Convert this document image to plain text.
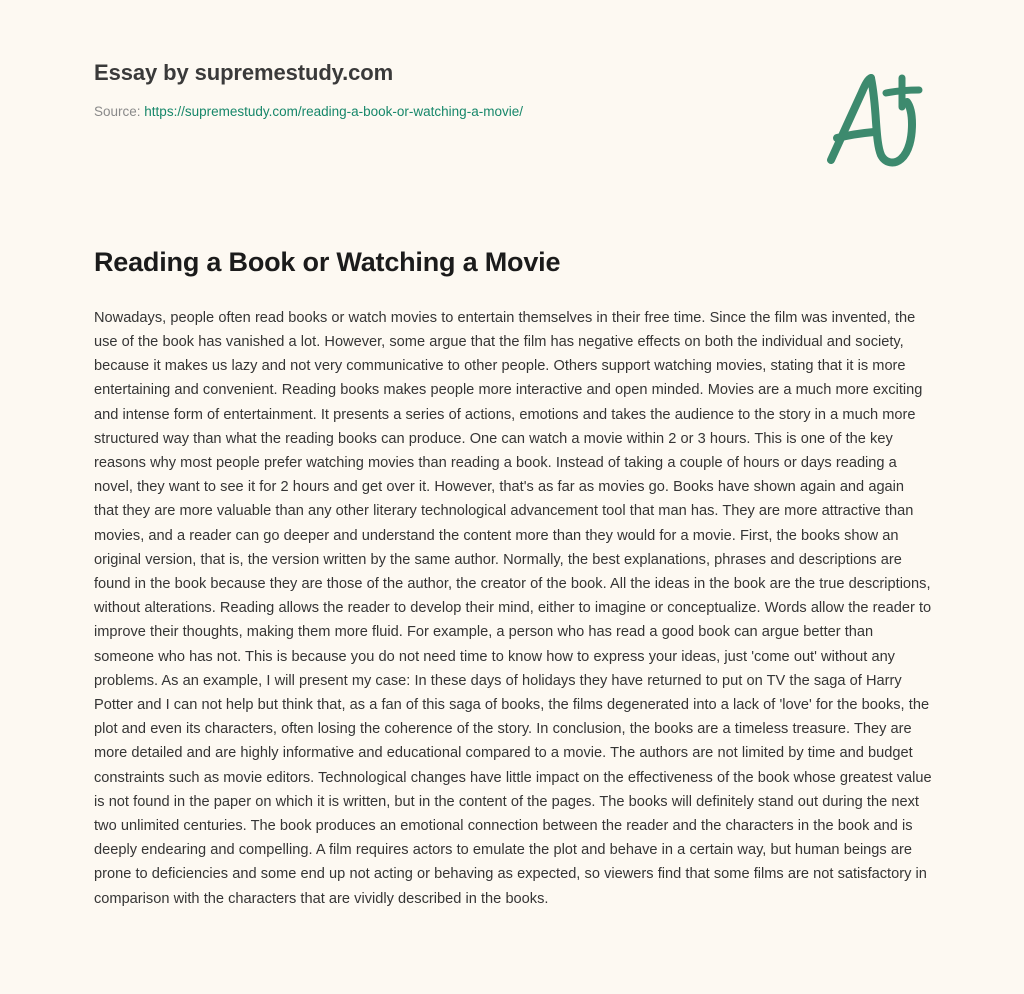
Essay by supremestudy.com
Source: https://supremestudy.com/reading-a-book-or-watching-a-movie/
Reading a Book or Watching a Movie

Nowadays, people often read books or watch movies to entertain themselves in their free time. Since the film was invented, the use of the book has vanished a lot. However, some argue that the film has negative effects on both the individual and society, because it makes us lazy and not very communicative to other people. Others support watching movies, stating that it is more entertaining and convenient. Reading books makes people more interactive and open minded. Movies are a much more exciting and intense form of entertainment. It presents a series of actions, emotions and takes the audience to the story in a much more structured way than what the reading books can produce. One can watch a movie within 2 or 3 hours. This is one of the key reasons why most people prefer watching movies than reading a book. Instead of taking a couple of hours or days reading a novel, they want to see it for 2 hours and get over it. However, that's as far as movies go. Books have shown again and again that they are more valuable than any other literary technological advancement tool that man has. They are more attractive than movies, and a reader can go deeper and understand the content more than they would for a movie. First, the books show an original version, that is, the version written by the same author. Normally, the best explanations, phrases and descriptions are found in the book because they are those of the author, the creator of the book. All the ideas in the book are the true descriptions, without alterations. Reading allows the reader to develop their mind, either to imagine or conceptualize. Words allow the reader to improve their thoughts, making them more fluid. For example, a person who has read a good book can argue better than someone who has not. This is because you do not need time to know how to express your ideas, just 'come out' without any problems. As an example, I will present my case: In these days of holidays they have returned to put on TV the saga of Harry Potter and I can not help but think that, as a fan of this saga of books, the films degenerated into a lack of 'love' for the books, the plot and even its characters, often losing the coherence of the story. In conclusion, the books are a timeless treasure. They are more detailed and are highly informative and educational compared to a movie. The authors are not limited by time and budget constraints such as movie editors. Technological changes have little impact on the effectiveness of the book whose greatest value is not found in the paper on which it is written, but in the content of the pages. The books will definitely stand out during the next two unlimited centuries. The book produces an emotional connection between the reader and the characters in the book and is deeply endearing and compelling. A film requires actors to emulate the plot and behave in a certain way, but human beings are prone to deficiencies and some end up not acting or behaving as expected, so viewers find that some films are not satisfactory in comparison with the characters that are vividly described in the books.
